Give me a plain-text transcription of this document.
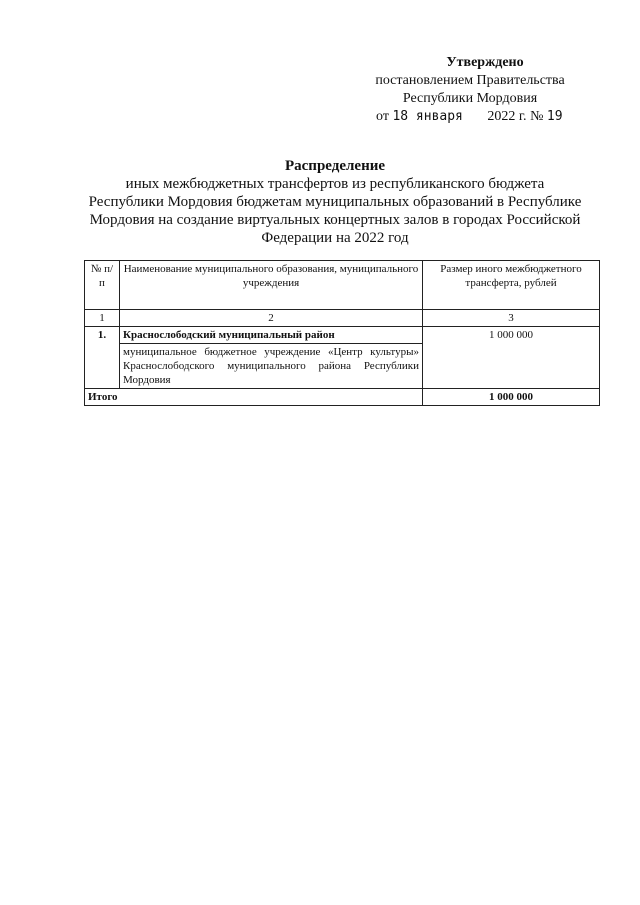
Утверждено
постановлением Правительства
Республики Мордовия
от 18 января 2022 г. № 19
Распределение
иных межбюджетных трансфертов из республиканского бюджета
Республики Мордовия бюджетам муниципальных образований в Республике
Мордовия на создание виртуальных концертных залов в городах Российской
Федерации на 2022 год
№ п/п	Наименование муниципального образования, муниципального учреждения	Размер иного межбюджетного трансферта, рублей
1	2	3
1.	Краснослободский муниципальный район	1 000 000
	муниципальное бюджетное учреждение «Центр культуры» Краснослободского муниципального района Республики Мордовия	
Итого		1 000 000
